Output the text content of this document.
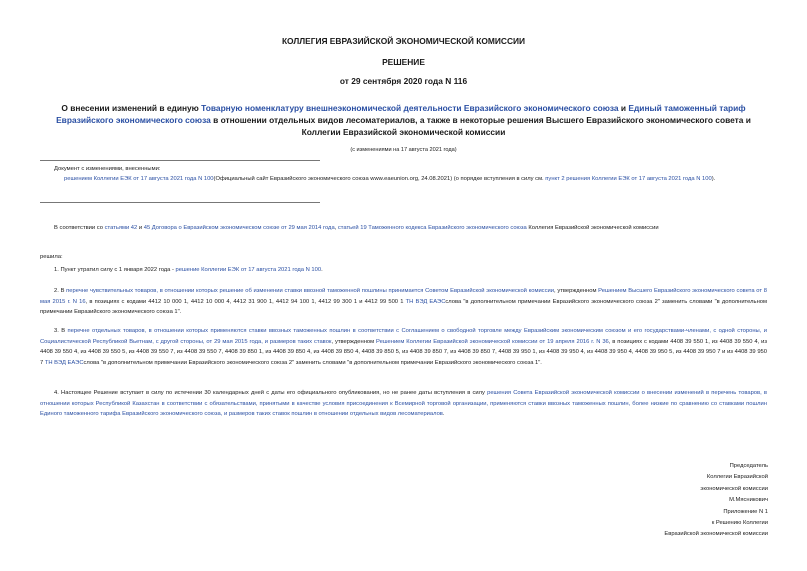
КОЛЛЕГИЯ ЕВРАЗИЙСКОЙ ЭКОНОМИЧЕСКОЙ КОМИССИИ
РЕШЕНИЕ
от 29 сентября 2020 года N 116
О внесении изменений в единую Товарную номенклатуру внешнеэкономической деятельности Евразийского экономического союза и Единый таможенный тариф Евразийского экономического союза в отношении отдельных видов лесоматериалов, а также в некоторые решения Высшего Евразийского экономического совета и Коллегии Евразийской экономической комиссии
(с изменениями на 17 августа 2021 года)
Документ с изменениями, внесенными:
решением Коллегии ЕЭК от 17 августа 2021 года N 100(Официальный сайт Евразийского экономического союза www.eaeunion.org, 24.08.2021) (о порядке вступления в силу см. пункт 2 решения Коллегии ЕЭК от 17 августа 2021 года N 100).
В соответствии со статьями 42 и 45 Договора о Евразийском экономическом союзе от 29 мая 2014 года, статьей 19 Таможенного кодекса Евразийского экономического союза Коллегия Евразийской экономической комиссии
решила:
1. Пункт утратил силу с 1 января 2022 года - решение Коллегии ЕЭК от 17 августа 2021 года N 100.
2. В перечне чувствительных товаров, в отношении которых решение об изменении ставки ввозной таможенной пошлины принимается Советом Евразийской экономической комиссии, утвержденном Решением Высшего Евразийского экономического совета от 8 мая 2015 г. N 16, в позициях с кодами 4412 10 000 1, 4412 10 000 4, 4412 31 900 1, 4412 94 100 1, 4412 99 300 1 и 4412 99 500 1 ТН ВЭД ЕАЭСслова "в дополнительном примечании Евразийского экономического союза 2" заменить словами "в дополнительном примечании Евразийского экономического союза 1".
3. В перечне отдельных товаров, в отношении которых применяются ставки ввозных таможенных пошлин в соответствии с Соглашением о свободной торговле между Евразийским экономическим союзом и его государствами-членами, с одной стороны, и Социалистической Республикой Вьетнам, с другой стороны, от 29 мая 2015 года, и размеров таких ставок, утвержденном Решением Коллегии Евразийской экономической комиссии от 19 апреля 2016 г. N 36, в позициях с кодами 4408 39 550 1, из 4408 39 550 4, из 4408 39 550 4, из 4408 39 550 5, из 4408 39 550 7, из 4408 39 550 7, 4408 39 850 1, из 4408 39 850 4, из 4408 39 850 4, 4408 39 850 5, из 4408 39 850 7, из 4408 39 850 7, 4408 39 950 1, из 4408 39 950 4, из 4408 39 950 4, 4408 39 950 5, из 4408 39 950 7 и из 4408 39 950 7 ТН ВЭД ЕАЭСслова "в дополнительном примечании Евразийского экономического союза 2" заменить словами "в дополнительном примечании Евразийского экономического союза 1".
4. Настоящее Решение вступает в силу по истечении 30 календарных дней с даты его официального опубликования, но не ранее даты вступления в силу решения Совета Евразийской экономической комиссии о внесении изменений в перечень товаров, в отношении которых Республикой Казахстан в соответствии с обязательствами, принятыми в качестве условия присоединения к Всемирной торговой организации, применяются ставки ввозных таможенных пошлин, более низкие по сравнению со ставками пошлин Единого таможенного тарифа Евразийского экономического союза, и размеров таких ставок пошлин в отношении отдельных видов лесоматериалов.
Председатель
Коллегии Евразийской
экономической комиссии
М.Мясникович
Приложение N 1
к Решению Коллегии
Евразийской экономической комиссии
